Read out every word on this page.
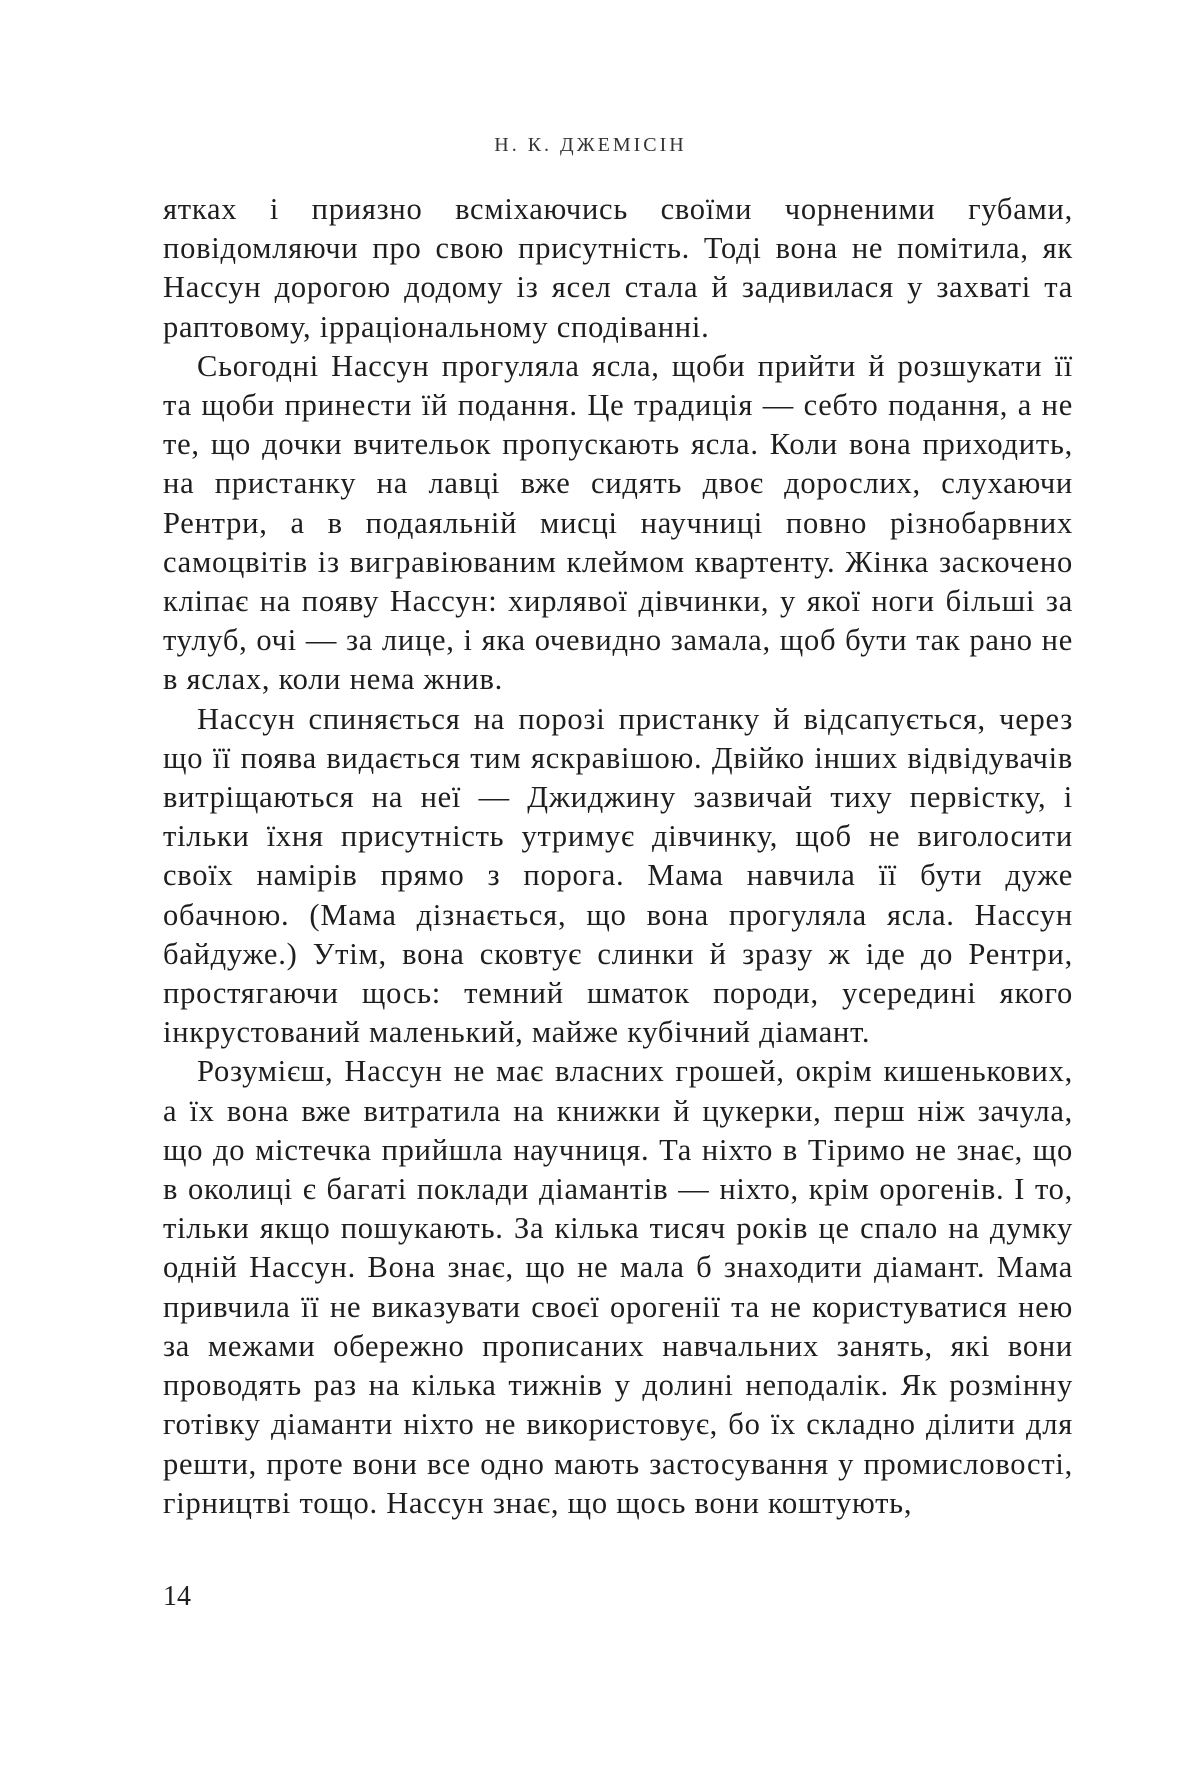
Н. К. ДЖЕМІСІН

ятках і приязно всміхаючись своїми чорненими губами, повідомляючи про свою присутність. Тоді вона не помітила, як Нассун дорогою додому із ясел стала й задивилася у захваті та раптовому, ірраціональному сподіванні.

Сьогодні Нассун прогуляла ясла, щоби прийти й розшукати її та щоби принести їй подання. Це традиція — себто подання, а не те, що дочки вчительок пропускають ясла. Коли вона приходить, на пристанку на лавці вже сидять двоє дорослих, слухаючи Рентри, а в подаяльній мисці научниці повно різнобарвних самоцвітів із вигравіюваним клеймом квартенту. Жінка заскочено кліпає на появу Нассун: хирлявої дівчинки, у якої ноги більші за тулуб, очі — за лице, і яка очевидно замала, щоб бути так рано не в яслах, коли нема жнив.

Нассун спиняється на порозі пристанку й відсапується, через що її поява видається тим яскравішою. Двійко інших відвідувачів витріщаються на неї — Джиджину зазвичай тиху первістку, і тільки їхня присутність утримує дівчинку, щоб не виголосити своїх намірів прямо з порога. Мама навчила її бути дуже обачною. (Мама дізнається, що вона прогуляла ясла. Нассун байдуже.) Утім, вона сковтує слинки й зразу ж іде до Рентри, простягаючи щось: темний шматок породи, усередині якого інкрустований маленький, майже кубічний діамант.

Розумієш, Нассун не має власних грошей, окрім кишенькових, а їх вона вже витратила на книжки й цукерки, перш ніж зачула, що до містечка прийшла научниця. Та ніхто в Тіримо не знає, що в околиці є багаті поклади діамантів — ніхто, крім орогенів. І то, тільки якщо пошукають. За кілька тисяч років це спало на думку одній Нассун. Вона знає, що не мала б знаходити діамант. Мама привчила її не виказувати своєї орогенії та не користуватися нею за межами обережно прописаних навчальних занять, які вони проводять раз на кілька тижнів у долині неподалік. Як розмінну готівку діаманти ніхто не використовує, бо їх складно ділити для решти, проте вони все одно мають застосування у промисловості, гірництві тощо. Нассун знає, що щось вони коштують,

14
